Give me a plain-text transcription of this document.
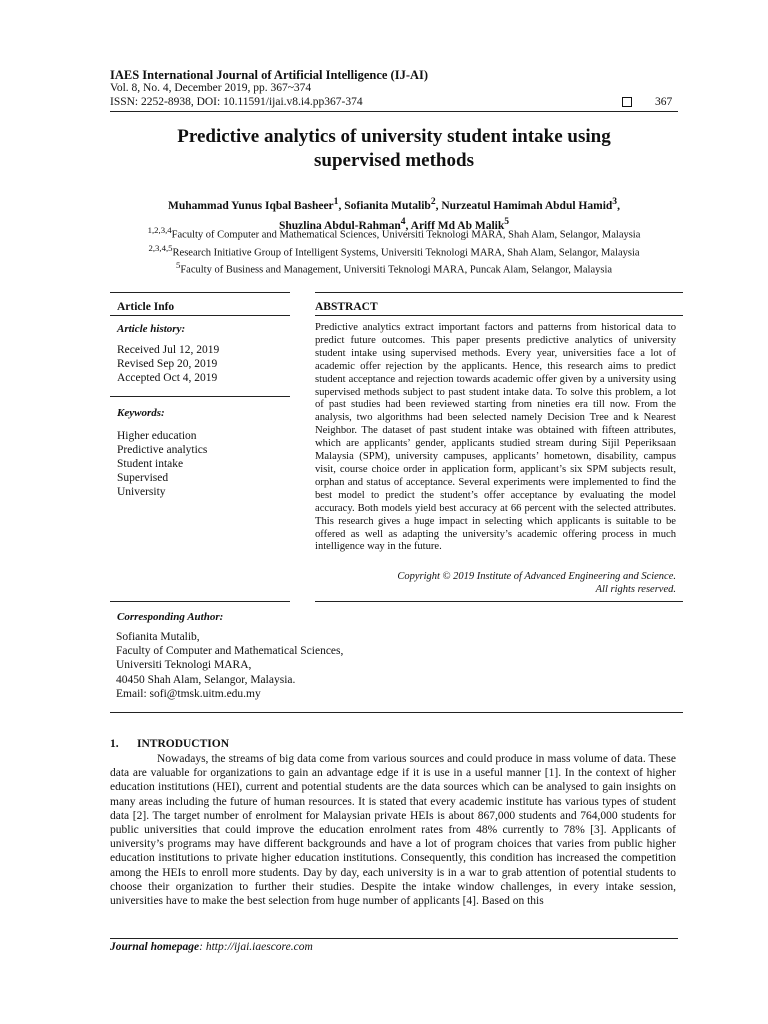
IAES International Journal of Artificial Intelligence (IJ-AI)
Vol. 8, No. 4, December 2019, pp. 367~374
ISSN: 2252-8938, DOI: 10.11591/ijai.v8.i4.pp367-374	367
Predictive analytics of university student intake using
supervised methods
Muhammad Yunus Iqbal Basheer$^1$, Sofianita Mutalib$^2$, Nurzeatul Hamimah Abdul Hamid$^3$,
Shuzlina Abdul-Rahman$^4$, Ariff Md Ab Malik$^5$
$^{1,2,3,4}$Faculty of Computer and Mathematical Sciences, Universiti Teknologi MARA, Shah Alam, Selangor, Malaysia
$^{2,3,4,5}$Research Initiative Group of Intelligent Systems, Universiti Teknologi MARA, Shah Alam, Selangor, Malaysia
$^5$Faculty of Business and Management, Universiti Teknologi MARA, Puncak Alam, Selangor, Malaysia
Article Info	ABSTRACT
Article history:
Received Jul 12, 2019
Revised Sep 20, 2019
Accepted Oct 4, 2019
Keywords:
Higher education
Predictive analytics
Student intake
Supervised
University
Predictive analytics extract important factors and patterns from historical data to predict future outcomes. This paper presents predictive analytics of university student intake using supervised methods. Every year, universities face a lot of academic offer rejection by the applicants. Hence, this research aims to predict student acceptance and rejection towards academic offer given by a university using supervised methods subject to past student intake data. To solve this problem, a lot of past studies had been reviewed starting from nineties era till now. From the analysis, two algorithms had been selected namely Decision Tree and k Nearest Neighbor. The dataset of past student intake was obtained with fifteen attributes, which are applicants’ gender, applicants studied stream during Sijil Peperiksaan Malaysia (SPM), university campuses, applicants’ hometown, disability, campus visit, course choice order in application form, applicant’s six SPM subjects result, orphan and status of acceptance. Several experiments were implemented to find the best model to predict the student’s offer acceptance by evaluating the model accuracy. Both models yield best accuracy at 66 percent with the selected attributes. This research gives a huge impact in selecting which applicants is suitable to be offered as well as adapting the university’s academic offering process in much intelligence way in the future.
Copyright © 2019 Institute of Advanced Engineering and Science.
All rights reserved.
Corresponding Author:
Sofianita Mutalib,
Faculty of Computer and Mathematical Sciences,
Universiti Teknologi MARA,
40450 Shah Alam, Selangor, Malaysia.
Email: sofi@tmsk.uitm.edu.my
1. INTRODUCTION

Nowadays, the streams of big data come from various sources and could produce in mass volume of data. These data are valuable for organizations to gain an advantage edge if it is use in a useful manner [1]. In the context of higher education institutions (HEI), current and potential students are the data sources which can be analysed to gain insights on many areas including the future of human resources. It is stated that every academic institute has various types of student data [2]. The target number of enrolment for Malaysian private HEIs is about 867,000 students and 764,000 students for public universities that could improve the education enrolment rates from 48% currently to 78% [3]. Applicants of university’s programs may have different backgrounds and have a lot of program choices that varies from public higher education institutions to private higher education institutions. Consequently, this condition has increased the competition among the HEIs to enroll more students. Day by day, each university is in a war to grab attention of potential students to choose their organization to further their studies. Despite the intake window challenges, in every intake session, universities have to make the best selection from huge number of applicants [4]. Based on this

Journal homepage: http://ijai.iaescore.com
